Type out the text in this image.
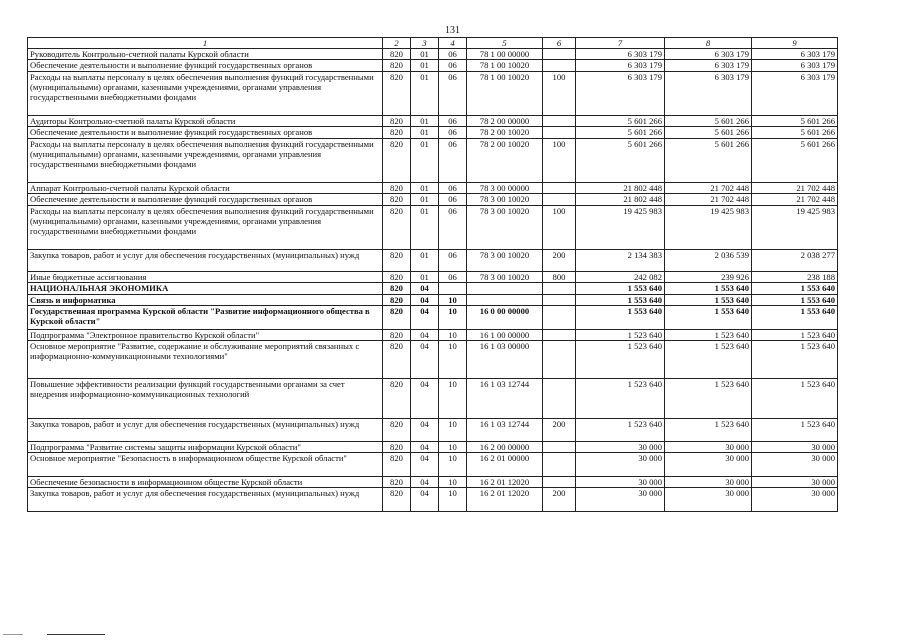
131
1	2	3	4	5	6	7	8	9
Руководитель Контрольно-счетной палаты Курской области	820	01	06	78 1 00 00000		6 303 179	6 303 179	6 303 179
Обеспечение деятельности и выполнение функций государственных органов	820	01	06	78 1 00 10020		6 303 179	6 303 179	6 303 179
Расходы на выплаты персоналу в целях обеспечения выполнения функций государственными (муниципальными) органами, казенными учреждениями, органами управления государственными внебюджетными фондами	820	01	06	78 1 00 10020	100	6 303 179	6 303 179	6 303 179
Аудиторы Контрольно-счетной палаты Курской области	820	01	06	78 2 00 00000		5 601 266	5 601 266	5 601 266
Обеспечение деятельности и выполнение функций государственных органов	820	01	06	78 2 00 10020		5 601 266	5 601 266	5 601 266
Расходы на выплаты персоналу в целях обеспечения выполнения функций государственными (муниципальными) органами, казенными учреждениями, органами управления государственными внебюджетными фондами	820	01	06	78 2 00 10020	100	5 601 266	5 601 266	5 601 266
Аппарат Контрольно-счетной палаты Курской области	820	01	06	78 3 00 00000		21 802 448	21 702 448	21 702 448
Обеспечение деятельности и выполнение функций государственных органов	820	01	06	78 3 00 10020		21 802 448	21 702 448	21 702 448
Расходы на выплаты персоналу в целях обеспечения выполнения функций государственными (муниципальными) органами, казенными учреждениями, органами управления государственными внебюджетными фондами	820	01	06	78 3 00 10020	100	19 425 983	19 425 983	19 425 983
Закупка товаров, работ и услуг для обеспечения государственных (муниципальных) нужд	820	01	06	78 3 00 10020	200	2 134 383	2 036 539	2 038 277
Иные бюджетные ассигнования	820	01	06	78 3 00 10020	800	242 082	239 926	238 188
НАЦИОНАЛЬНАЯ ЭКОНОМИКА	820	04				1 553 640	1 553 640	1 553 640
Связь и информатика	820	04	10			1 553 640	1 553 640	1 553 640
Государственная программа Курской области "Развитие информационного общества в Курской области"	820	04	10	16 0 00 00000		1 553 640	1 553 640	1 553 640
Подпрограмма "Электронное правительство Курской области"	820	04	10	16 1 00 00000		1 523 640	1 523 640	1 523 640
Основное мероприятие "Развитие, содержание и обслуживание мероприятий связанных с информационно-коммуникационными технологиями"	820	04	10	16 1 03 00000		1 523 640	1 523 640	1 523 640
Повышение эффективности реализации функций государственными органами за счет внедрения информационно-коммуникационных технологий	820	04	10	16 1 03 12744		1 523 640	1 523 640	1 523 640
Закупка товаров, работ и услуг для обеспечения государственных (муниципальных) нужд	820	04	10	16 1 03 12744	200	1 523 640	1 523 640	1 523 640
Подпрограмма "Развитие системы защиты информации Курской области"	820	04	10	16 2 00 00000		30 000	30 000	30 000
Основное мероприятие "Безопасность в информационном обществе Курской области"	820	04	10	16 2 01 00000		30 000	30 000	30 000
Обеспечение безопасности в информационном обществе Курской области	820	04	10	16 2 01 12020		30 000	30 000	30 000
Закупка товаров, работ и услуг для обеспечения государственных (муниципальных) нужд	820	04	10	16 2 01 12020	200	30 000	30 000	30 000
